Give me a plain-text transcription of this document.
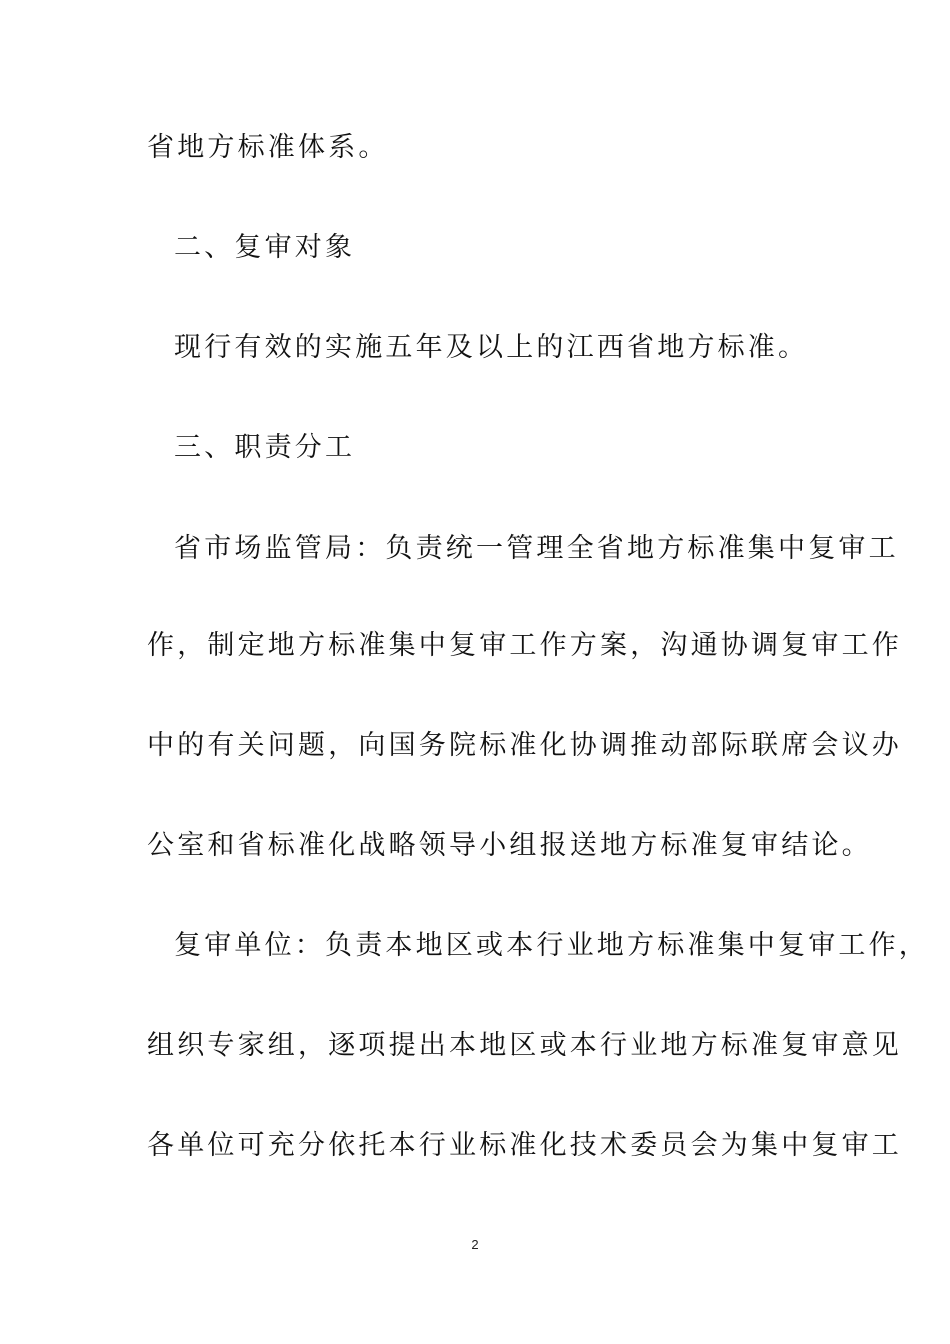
省地方标准体系。
二、复审对象
现行有效的实施五年及以上的江西省地方标准。
三、职责分工
省市场监管局：负责统一管理全省地方标准集中复审工
作，制定地方标准集中复审工作方案，沟通协调复审工作
中的有关问题，向国务院标准化协调推动部际联席会议办
公室和省标准化战略领导小组报送地方标准复审结论。
复审单位：负责本地区或本行业地方标准集中复审工作，
组织专家组，逐项提出本地区或本行业地方标准复审意见
各单位可充分依托本行业标准化技术委员会为集中复审工
2
